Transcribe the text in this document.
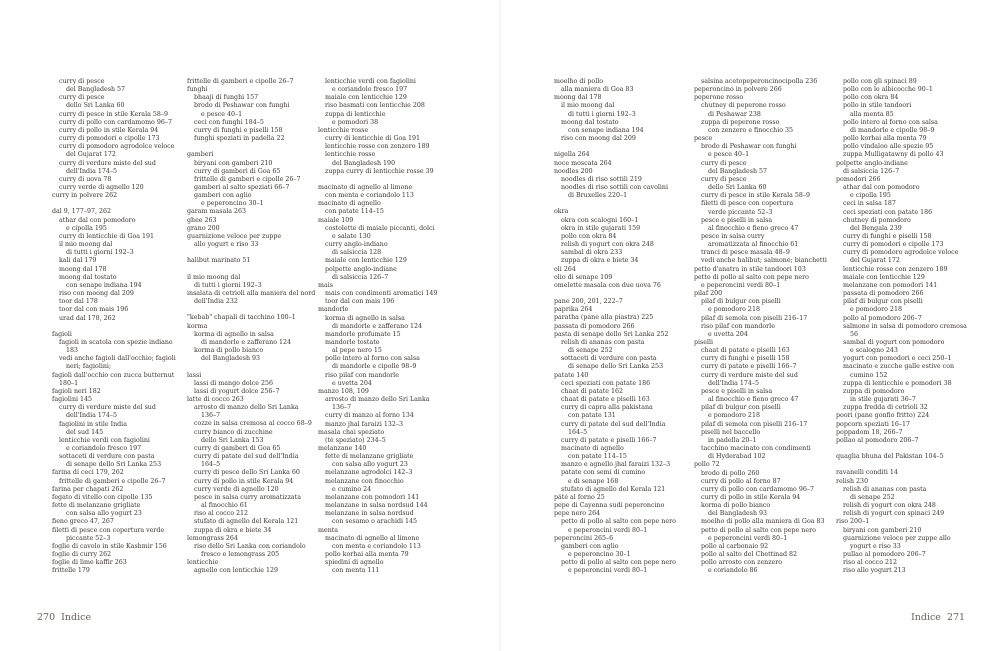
curry di pesce
del Bangladesh 57
curry di pesce
dello Sri Lanka 60
curry di pesce in stile Kerala 58–9
curry di pollo con cardamomo 96–7
curry di pollo in stile Kerala 94
curry di pomodori e cipolle 173
curry di pomodoro agrodolce veloce
del Gujarat 172
curry di verdure miste del sud
dell'India 174–5
curry di uova 78
curry verde di agnello 120
curry in polvere 262
dal 9, 177–97, 262
athar dal con pomodoro
e cipolla 195
curry di lenticchie di Goa 191
il mio moong dal
di tutti i giorni 192–3
kali dal 179
moong dal 178
moong dal tostato
con senape indiana 194
riso con moong dal 209
toor dal 178
toor dal con mais 196
urad dal 178, 262
fagioli
fagioli in scatola con spezie indiane
183
vedi anche fagioli dall'occhio; fagioli
neri; fagiolini;
fagioli dall'occhio con zucca butternut
180–1
fagioli neri 182
fagiolini 145
curry di verdure miste del sud
dell'India 174–5
fagiolini in stile India
del sud 145
lenticchie verdi con fagiolini
e coriandolo fresco 197
sottaceti di verdure con pasta
di senape dello Sri Lanka 253
farina di ceci 179, 262
frittelle di gamberi e cipolle 26–7
farina per chapati 262
fegato di vitello con cipolle 135
fette di melanzane grigliate
con salsa allo yogurt 23
fieno greco 47, 267
filetti di pesce con copertura verde
piccante 52–3
foglie di cavolo in stile Kashmir 156
foglie di curry 262
foglie di lime kaffir 263
frittelle 179
frittelle di gamberi e cipolle 26–7
funghi
bhaaji di funghi 157
brodo di Peshawar con funghi
e pesce 40–1
ceci con funghi 184–5
curry di funghi e piselli 158
funghi speziati in padella 22
gamberi
biryani con gamberi 210
curry di gamberi di Goa 65
frittelle di gamberi e cipolle 26–7
gamberi al salto speziati 66–7
gamberi con aglio
e peperoncino 30–1
garam masala 263
ghee 263
grano 200
guarnizione veloce per zuppe
allo yogurt e riso 33
halibut marinato 51
il mio moong dal
di tutti i giorni 192–3
insalata di cetrioli alla maniera del nord
dell'India 232
"kebab" chapali di tacchino 100–1
korma
korma di agnello in salsa
di mandorle e zafferano 124
korma di pollo bianco
del Bangladesh 93
lassi
lassi di mango dolce 256
lassi di yogurt dolce 256–7
latte di cocco 263
arrosto di manzo dello Sri Lanka
136–7
cozze in salsa cremosa al cocco 68–9
curry bianco di zucchine
dello Sri Lanka 153
curry di gamberi di Goa 65
curry di patate del sud dell'India
164–5
curry di pesce dello Sri Lanka 60
curry di pollo in stile Kerala 94
curry verde di agnello 120
pesce in salsa curry aromatizzata
al finocchio 61
riso al cocco 212
stufato di agnello del Kerala 121
zuppa di okra e biete 34
lemongrass 264
riso dello Sri Lanka con coriandolo
fresco e lemongrass 205
lenticchie
agnello con lenticchie 129
lenticchie verdi con fagiolini
e coriandolo fresco 197
maiale con lenticchie 129
riso basmati con lenticchie 208
zuppa di lenticchie
e pomodori 38
lenticchie rosse
curry di lenticchie di Goa 191
lenticchie rosse con zenzero 189
lenticchie rosse
del Bangladesh 190
zuppa curry di lenticchie rosse 39
macinato di agnello al limone
con menta e coriandolo 113
macinato di agnello
con patate 114–15
maiale 109
costolette di maiale piccanti, dolci
e salate 130
curry anglo-indiano
di salsiccia 128
maiale con lenticchie 129
polpette anglo-indiane
di salsiccia 126–7
mais
mais con condimenti aromatici 149
toor dal con mais 196
mandorle
korma di agnello in salsa
di mandorle e zafferano 124
mandorle profumate 15
mandorle tostate
al pepe nero 15
pollo intero al forno con salsa
di mandorle e cipolle 98–9
riso pilaf con mandorle
e uvetta 204
manzo 108, 109
arrosto di manzo dello Sri Lanka
136–7
curry di manzo al forno 134
manzo jhal faraizi 132–3
masala chai speziato
(tè speziato) 234–5
melanzane 140
fette di melanzane grigliate
con salsa allo yogurt 23
melanzane agrodolci 142–3
melanzane con finocchio
e cumino 24
melanzane con pomodori 141
melanzane in salsa nordsud 144
melanzane in salsa nordsud
con sesamo o arachidi 145
menta
macinato di agnello al limone
con menta e coriandolo 113
pollo korhai alla menta 79
spiedini di agnello
con menta 111
moelho di pollo
alla maniera di Goa 83
moong dal 178
il mio moong dal
di tutti i giorni 192–3
moong dal tostato
con senape indiana 194
riso con moong dal 209
nigella 264
noce moscata 264
noodles 200
noodles di riso sottili 219
noodles di riso sottili con cavolini
di Bruxelles 220–1
okra
okra con scalogni 160–1
okra in stile gujarati 159
pollo con okra 84
relish di yogurt con okra 248
sambal di okra 233
zuppa di okra e biete 34
oli 264
olio di senape 109
omelette masala con due uova 76
pane 200, 201, 222–7
paprika 264
paratha (pane alla piastra) 225
passata di pomodoro 266
pasta di senape dello Sri Lanka 252
relish di ananas con pasta
di senape 252
sottaceti di verdure con pasta
di senape dello Sri Lanka 253
patate 140
ceci speziati con patate 186
chaat di patate 162
chaat di patate e piselli 163
curry di capra alla pakistana
con patate 131
curry di patate del sud dell'India
164–5
curry di patate e piselli 166–7
macinato di agnello
con patate 114–15
manzo e agnello jhal faraizi 132–3
patate con semi di cumino
e di senape 168
stufato di agnello del Kerala 121
pâté al forno 25
pepe di Cayenna sudi peperoncino
pepe nero 264
petto di pollo al salto con pepe nero
e peperoncini verdi 80–1
peperoncini 265–6
gamberi con aglio
e peperoncino 30–1
petto di pollo al salto con pepe nero
e peperoncini verdi 80–1
salsina acetopeperoncinocipolla 236
peperoncino in polvere 266
peperone rosso
chutney di peperone rosso
di Peshawar 238
zuppa di peperone rosso
con zenzero e finocchio 35
pesce
brodo di Peshawar con funghi
e pesce 40–1
curry di pesce
del Bangladesh 57
curry di pesce
dello Sri Lanka 60
curry di pesce in stile Kerala 58–9
filetti di pesce con copertura
verde piccante 52–3
pesce e piselli in salsa
al finocchio e fieno greco 47
pesce in salsa curry
aromatizzata al finocchio 61
tranci di pesce masala 48–9
vedi anche halibut; salmone; bianchetti
petto d'anatra in stile tandoori 103
petto di pollo al salto con pepe nero
e peperoncini verdi 80–1
pilaf 200
pilaf di bulgur con piselli
e pomodoro 218
pilaf di semola con piselli 216–17
riso pilaf con mandorle
e uvetta 204
piselli
chaat di patate e piselli 163
curry di funghi e piselli 158
curry di patate e piselli 166–7
curry di verdure miste del sud
dell'India 174–5
pesce e piselli in salsa
al finocchio e fieno greco 47
pilaf di bulgur con piselli
e pomodoro 218
pilaf di semola con piselli 216–17
piselli nel baccello
in padella 20–1
tacchino macinato con condimenti
di Hyderabad 102
pollo 72
brodo di pollo 260
curry di pollo al forno 87
curry di pollo con cardamomo 96–7
curry di pollo in stile Kerala 94
korma di pollo bianco
del Bangladesh 93
moelho di pollo alla maniera di Goa 83
petto di pollo al salto con pepe nero
e peperoncini verdi 80–1
pollo al carbonaio 92
pollo al salto del Chettinad 82
pollo arrosto con zenzero
e coriandolo 86
pollo con gli spinaci 89
pollo con le albicocche 90–1
pollo con okra 84
pollo in stile tandoori
alla menta 85
pollo intero al forno con salsa
di mandorle e cipolle 98–9
pollo korhai alla menta 79
pollo vindaloo alle spezie 95
zuppa Mulligatawny di pollo 43
polpette anglo-indiane
di salsiccia 126–7
pomodori 266
athar dal con pomodoro
e cipolla 195
ceci in salsa 187
ceci speziati con patate 186
chutney di pomodoro
del Bengala 239
curry di funghi e piselli 158
curry di pomodori e cipolle 173
curry di pomodoro agrodolce veloce
del Gujarat 172
lenticchie rosse con zenzero 189
maiale con lenticchie 129
melanzane con pomodori 141
passata di pomodoro 266
pilaf di bulgur con piselli
e pomodoro 218
pollo al pomodoro 206–7
salmone in salsa di pomodoro cremosa
56
sambal di yogurt con pomodoro
e scalogno 243
yogurt con pomodori e ceci 250–1
macinato e zucche galle estive con
cumino 152
zuppa di lenticchie e pomodori 38
zuppa di pomodoro
in stile gujarati 36–7
zuppa fredda di cetrioli 32
poori (pane gonfio fritto) 224
popcorn speziati 16–17
poppadom 18, 266–7
pollao al pomodoro 206–7
quaglia bhuna del Pakistan 104–5
ravanelli conditi 14
relish 230
relish di ananas con pasta
di senape 252
relish di yogurt con okra 248
relish di yogurt con spinaci 249
riso 200–1
biryani con gamberi 210
guarnizione veloce per zuppe allo
yogurt e riso 33
pullao al pomodoro 206–7
riso al cocco 212
riso allo yogurt 213
270 Indice	Indice 271
